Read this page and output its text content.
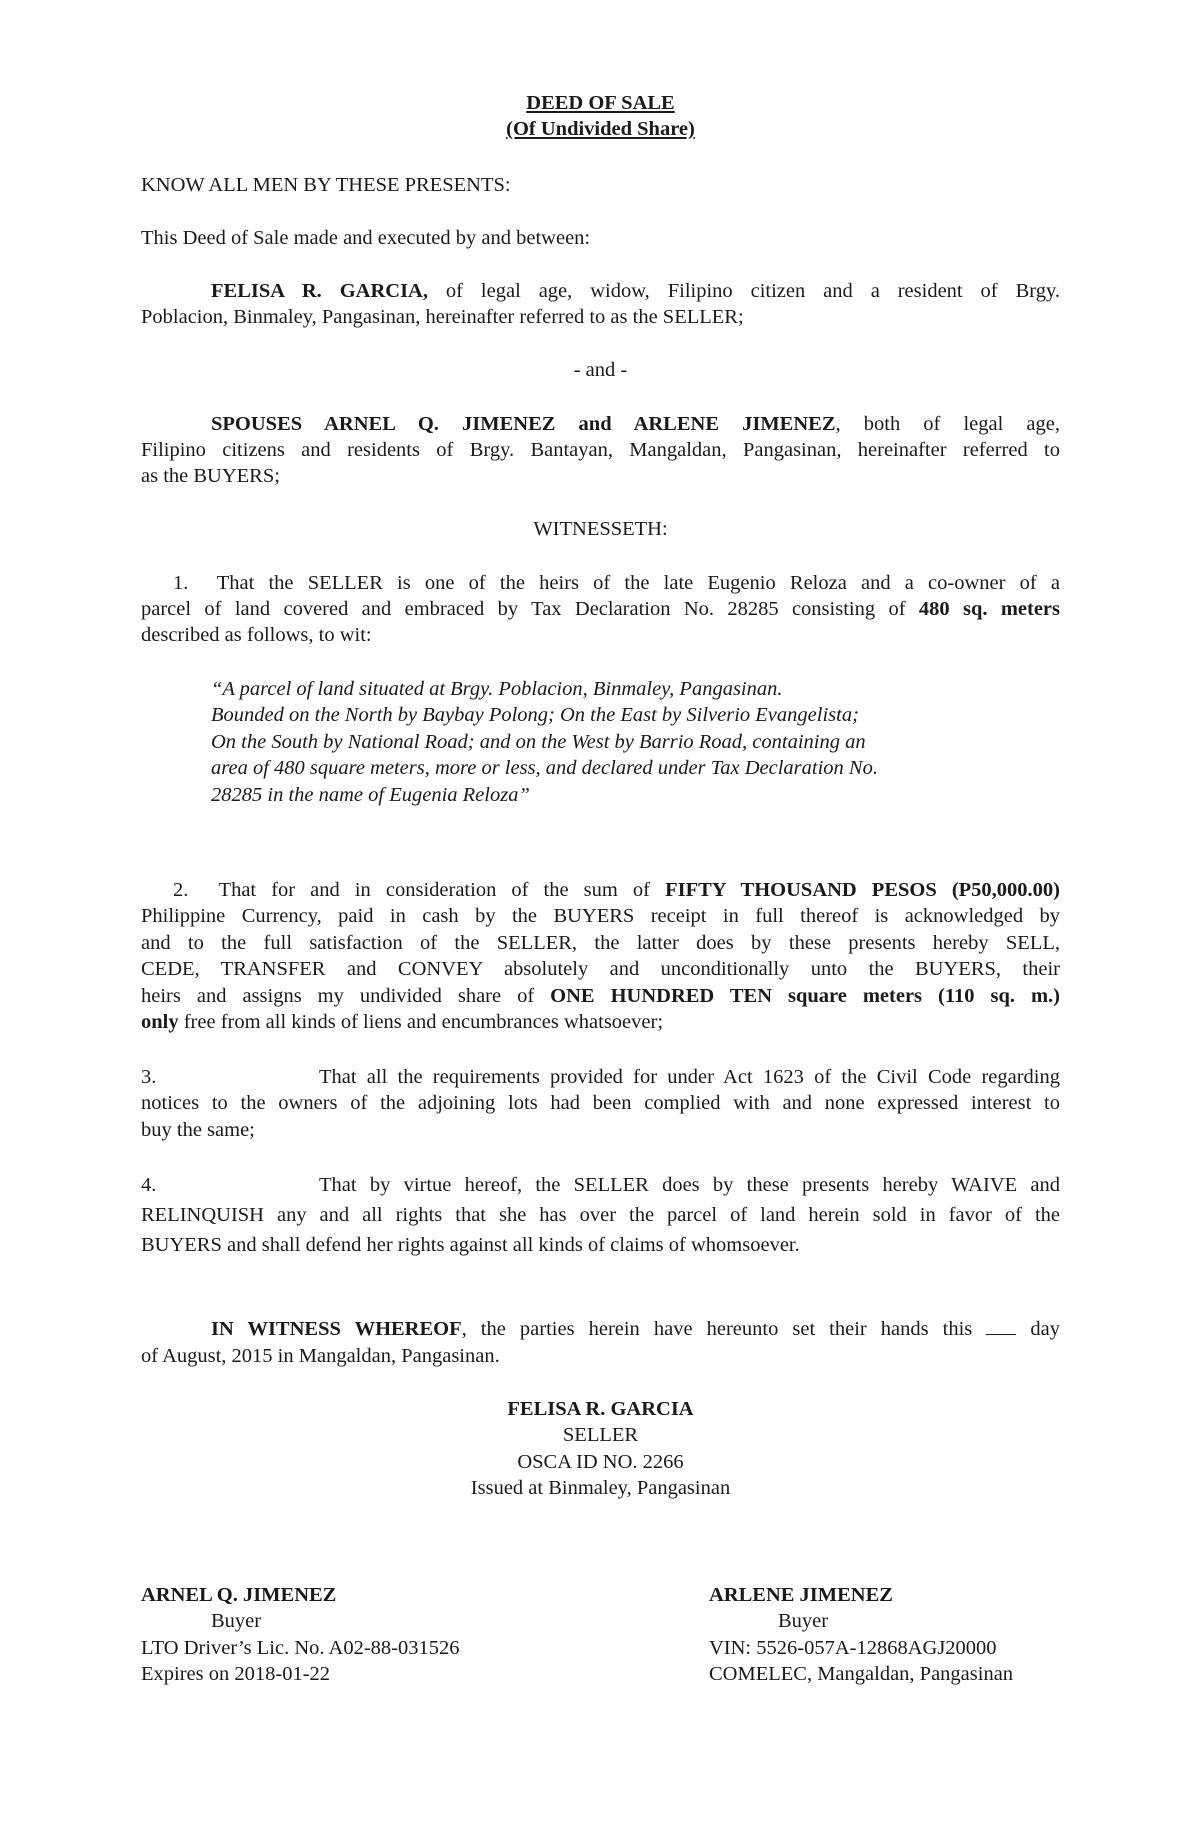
DEED OF SALE
(Of Undivided Share)
KNOW ALL MEN BY THESE PRESENTS:
This Deed of Sale made and executed by and between:
FELISA R. GARCIA, of legal age, widow, Filipino citizen and a resident of Brgy.
Poblacion, Binmaley, Pangasinan, hereinafter referred to as the SELLER;
- and -
SPOUSES ARNEL Q. JIMENEZ and ARLENE JIMENEZ, both of legal age,
Filipino citizens and residents of Brgy. Bantayan, Mangaldan, Pangasinan, hereinafter referred to
as the BUYERS;
WITNESSETH:
1. That the SELLER is one of the heirs of the late Eugenio Reloza and a co-owner of a
parcel of land covered and embraced by Tax Declaration No. 28285 consisting of 480 sq. meters
described as follows, to wit:
“A parcel of land situated at Brgy. Poblacion, Binmaley, Pangasinan.
Bounded on the North by Baybay Polong; On the East by Silverio Evangelista;
On the South by National Road; and on the West by Barrio Road, containing an
area of 480 square meters, more or less, and declared under Tax Declaration No.
28285 in the name of Eugenia Reloza”
2. That for and in consideration of the sum of FIFTY THOUSAND PESOS (P50,000.00)
Philippine Currency, paid in cash by the BUYERS receipt in full thereof is acknowledged by
and to the full satisfaction of the SELLER, the latter does by these presents hereby SELL,
CEDE, TRANSFER and CONVEY absolutely and unconditionally unto the BUYERS, their
heirs and assigns my undivided share of ONE HUNDRED TEN square meters (110 sq. m.)
only free from all kinds of liens and encumbrances whatsoever;
3.	That all the requirements provided for under Act 1623 of the Civil Code regarding
notices to the owners of the adjoining lots had been complied with and none expressed interest to
buy the same;
4.	That by virtue hereof, the SELLER does by these presents hereby WAIVE and
RELINQUISH any and all rights that she has over the parcel of land herein sold in favor of the
BUYERS and shall defend her rights against all kinds of claims of whomsoever.
IN WITNESS WHEREOF, the parties herein have hereunto set their hands this  day
of August, 2015 in Mangaldan, Pangasinan.
FELISA R. GARCIA
SELLER
OSCA ID NO. 2266
Issued at Binmaley, Pangasinan
ARNEL Q. JIMENEZ
Buyer
LTO Driver’s Lic. No. A02-88-031526
Expires on 2018-01-22
ARLENE JIMENEZ
Buyer
VIN: 5526-057A-12868AGJ20000
COMELEC, Mangaldan, Pangasinan
